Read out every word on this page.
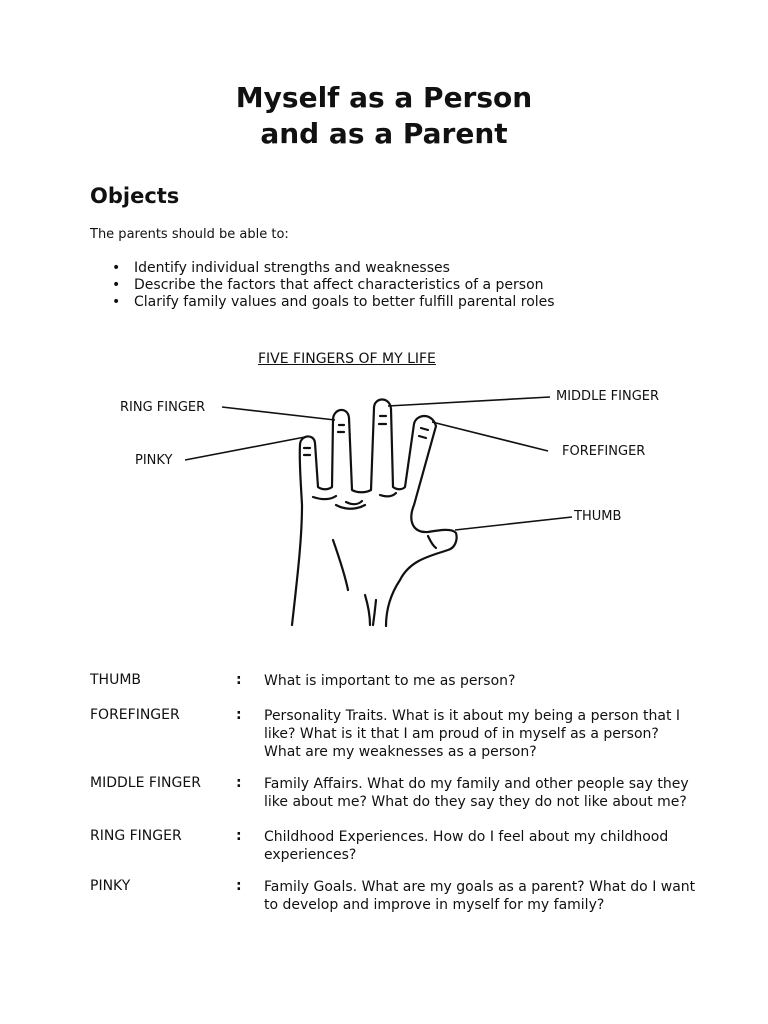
Myself as a Person
and as a Parent
Objects

The parents should be able to:

• Identify individual strengths and weaknesses
• Describe the factors that affect characteristics of a person
• Clarify family values and goals to better fulfill parental roles

FIVE FINGERS OF MY LIFE

RING FINGER
PINKY
MIDDLE FINGER
FOREFINGER
THUMB
THUMB	: What is important to me as person?
FOREFINGER	: Personality Traits. What is it about my being a person that I
like? What is it that I am proud of in myself as a person?
What are my weaknesses as a person?
MIDDLE FINGER	: Family Affairs. What do my family and other people say they
like about me? What do they say they do not like about me?
RING FINGER	: Childhood Experiences. How do I feel about my childhood
experiences?
PINKY	: Family Goals. What are my goals as a parent? What do I want
to develop and improve in myself for my family?
